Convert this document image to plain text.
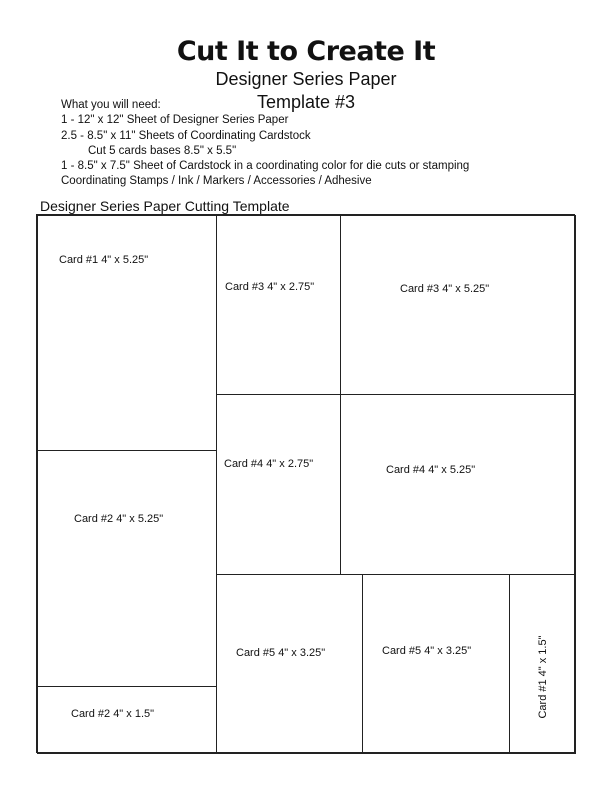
Cut It to Create It
Designer Series Paper
Template #3
What you will need:
1 - 12" x 12" Sheet of Designer Series Paper
2.5 - 8.5" x 11" Sheets of Coordinating Cardstock
Cut 5 cards bases 8.5" x 5.5"
1 - 8.5" x 7.5" Sheet of Cardstock in a coordinating color for die cuts or stamping
Coordinating Stamps / Ink / Markers / Accessories / Adhesive
Designer Series Paper Cutting Template
Card #1 4" x 5.25"
Card #2 4" x 5.25"
Card #2 4" x 1.5"
Card #3 4" x 2.75"
Card #4 4" x 2.75"
Card #3 4" x 5.25"
Card #4 4" x 5.25"
Card #5 4" x 3.25"	Card #5 4" x 3.25"	Card #1 4" x 1.5"
